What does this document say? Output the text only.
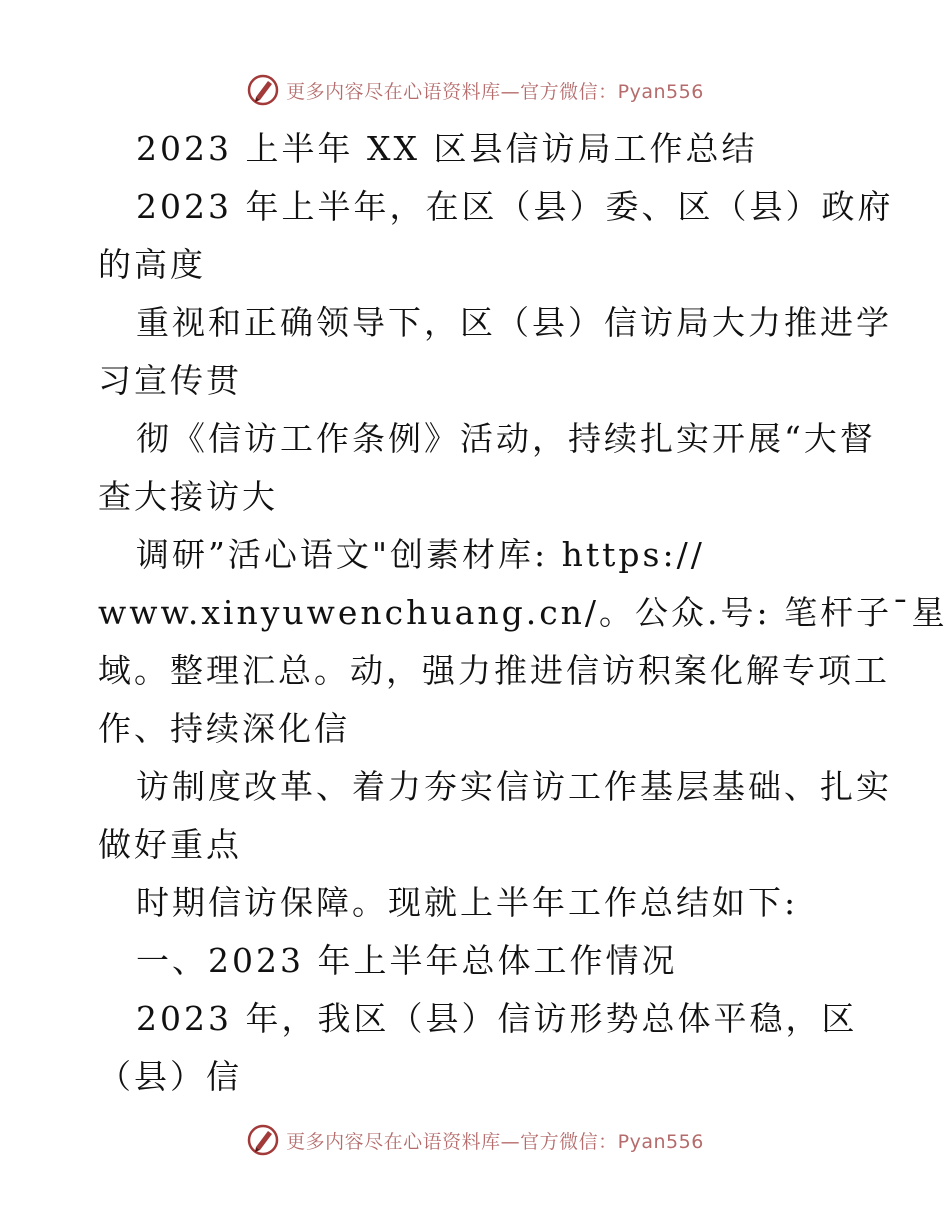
更多内容尽在心语资料库—官方微信：Pyan556
2023 上半年 XX 区县信访局工作总结
2023 年上半年，在区（县）委、区（县）政府
的高度
重视和正确领导下，区（县）信访局大力推进学
习宣传贯
彻《信访工作条例》活动，持续扎实开展“大督
查大接访大
调研”活心语文"创素材库: https://
www.xinyuwenchuang.cn/。公众.号: 笔杆子¯星
域。整理汇总。动，强力推进信访积案化解专项工
作、持续深化信
访制度改革、着力夯实信访工作基层基础、扎实
做好重点
时期信访保障。现就上半年工作总结如下:
一、2023 年上半年总体工作情况
2023 年，我区（县）信访形势总体平稳，区
（县）信
更多内容尽在心语资料库—官方微信：Pyan556
